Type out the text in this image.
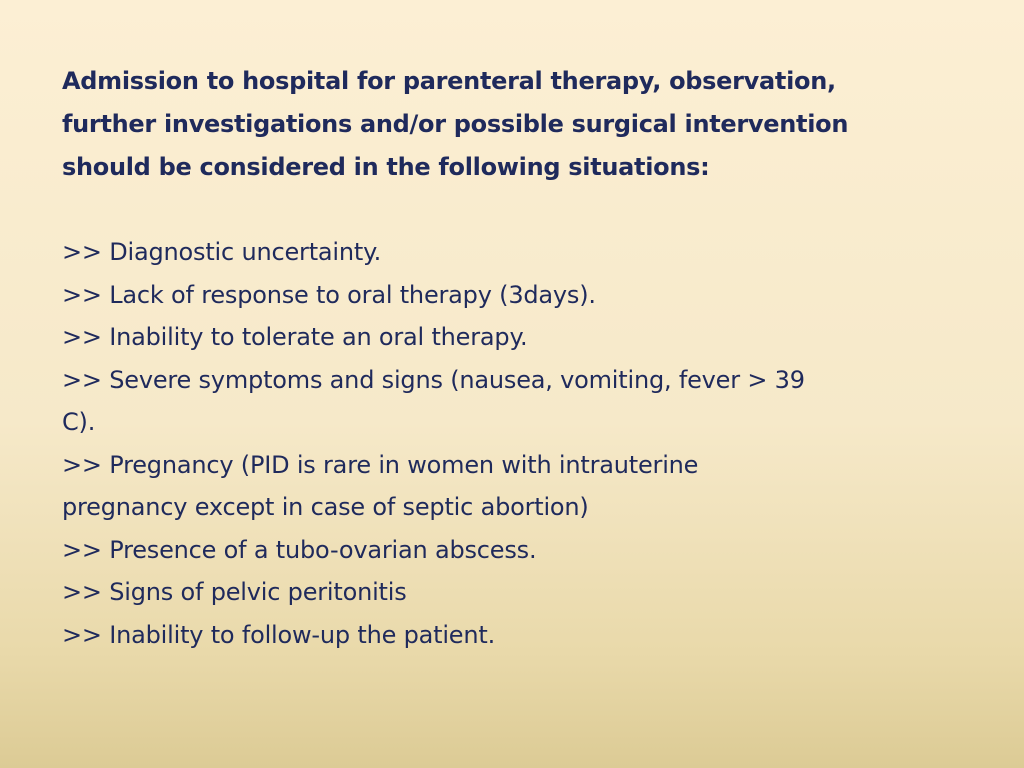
Admission to hospital for parenteral therapy, observation,
further investigations and/or possible surgical intervention
should be considered in the following situations:

>> Diagnostic uncertainty.

>> Lack of response to oral therapy (3days).

>> Inability to tolerate an oral therapy.

>> Severe symptoms and signs (nausea, vomiting, fever > 39
C).

>> Pregnancy (PID is rare in women with intrauterine
pregnancy except in case of septic abortion)

>> Presence of a tubo-ovarian abscess.

>> Signs of pelvic peritonitis

>> Inability to follow-up the patient.
